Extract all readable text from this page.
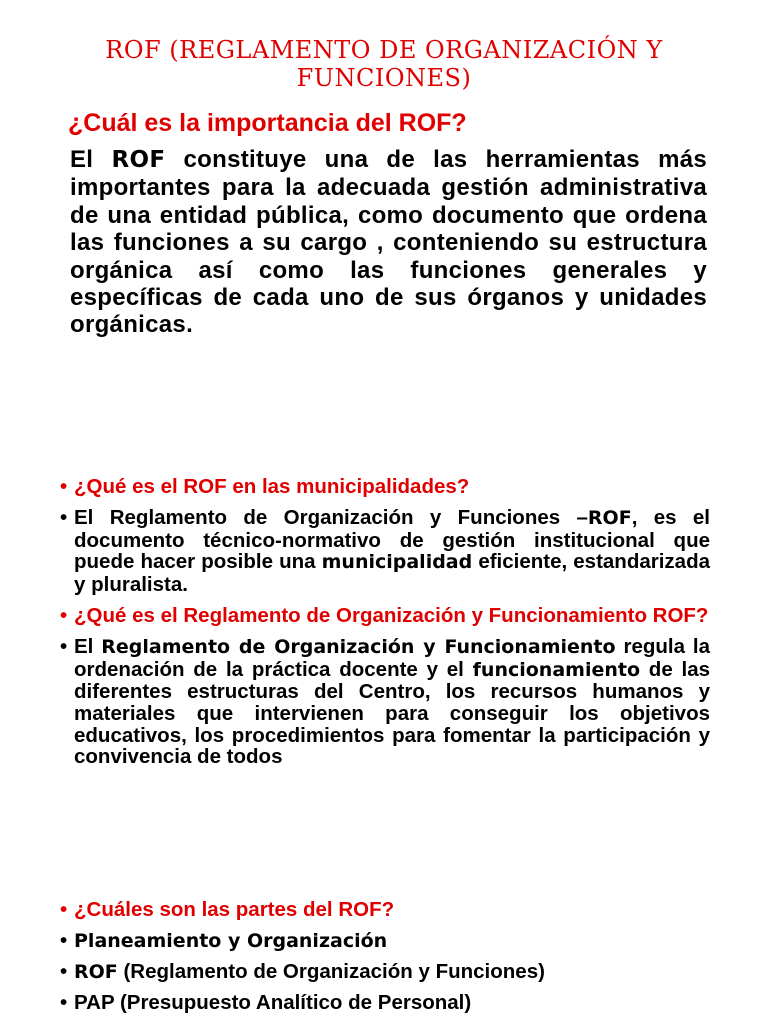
ROF (REGLAMENTO DE ORGANIZACIÓN Y FUNCIONES)
¿Cuál es la importancia del ROF?
El ROF constituye una de las herramientas más importantes para la adecuada gestión administrativa de una entidad pública, como documento que ordena las funciones a su cargo , conteniendo su estructura orgánica así como las funciones generales y específicas de cada uno de sus órganos y unidades orgánicas.
• ¿Qué es el ROF en las municipalidades?
• El Reglamento de Organización y Funciones –ROF, es el documento técnico-normativo de gestión institucional que puede hacer posible una municipalidad eficiente, estandarizada y pluralista.
• ¿Qué es el Reglamento de Organización y Funcionamiento ROF?
• El Reglamento de Organización y Funcionamiento regula la ordenación de la práctica docente y el funcionamiento de las diferentes estructuras del Centro, los recursos humanos y materiales que intervienen para conseguir los objetivos educativos, los procedimientos para fomentar la participación y convivencia de todos
• ¿Cuáles son las partes del ROF?
• Planeamiento y Organización
• ROF (Reglamento de Organización y Funciones)
• PAP (Presupuesto Analítico de Personal)
